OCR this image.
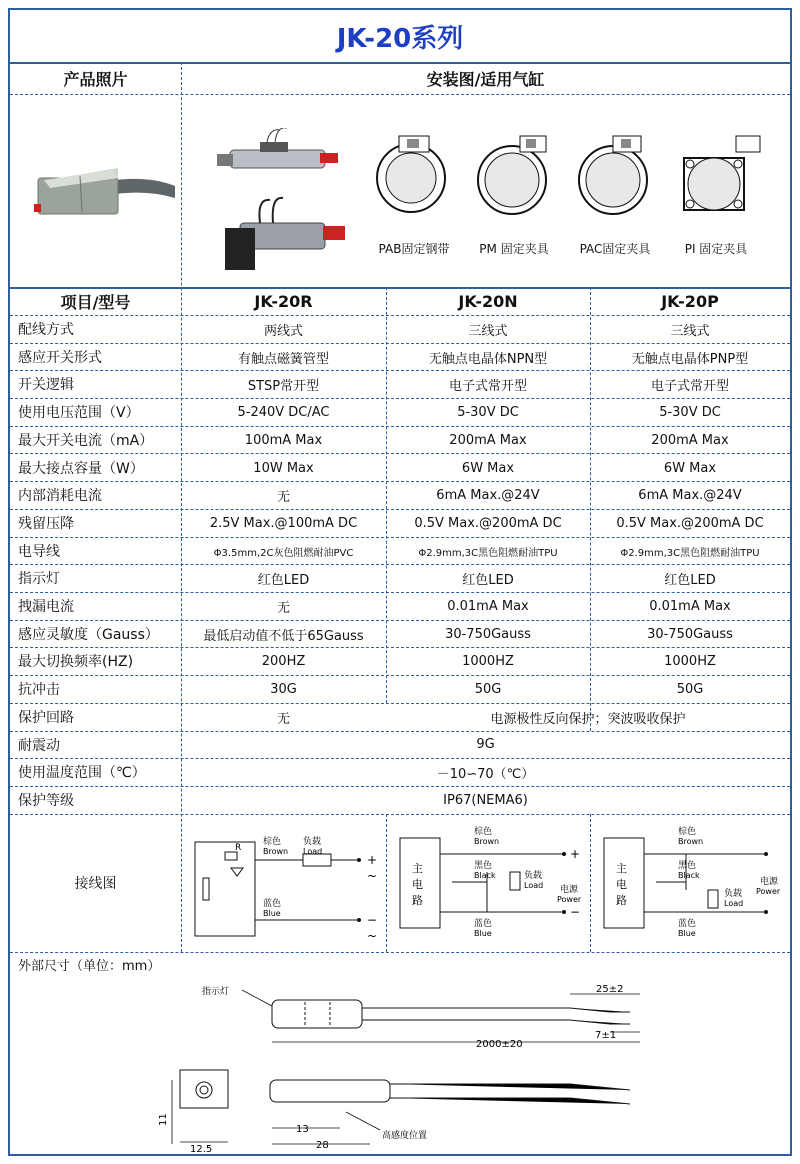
JK-20系列
产品照片	安装图/适用气缸
PAB固定钢带	PM 固定夹具	PAC固定夹具	PI 固定夹具
项目/型号	JK-20R	JK-20N	JK-20P
配线方式	两线式	三线式	三线式
感应开关形式	有触点磁簧管型	无触点电晶体NPN型	无触点电晶体PNP型
开关逻辑	STSP常开型	电子式常开型	电子式常开型
使用电压范围（V）	5-240V DC/AC	5-30V DC	5-30V DC
最大开关电流（mA）	100mA Max	200mA Max	200mA Max
最大接点容量（W）	10W Max	6W Max	6W Max
内部消耗电流	无	6mA Max.@24V	6mA Max.@24V
残留压降	2.5V Max.@100mA DC	0.5V Max.@200mA DC	0.5V Max.@200mA DC
电导线	Φ3.5mm,2C灰色阻燃耐油PVC	Φ2.9mm,3C黑色阻燃耐油TPU	Φ2.9mm,3C黑色阻燃耐油TPU
指示灯	红色LED	红色LED	红色LED
拽漏电流	无	0.01mA Max	0.01mA Max
感应灵敏度（Gauss）	最低启动值不低于65Gauss	30-750Gauss	30-750Gauss
最大切换频率(HZ)	200HZ	1000HZ	1000HZ
抗冲击	30G	50G	50G
保护回路	无	电源极性反向保护；突波吸收保护
耐震动	9G
使用温度范围（℃）	－10∽70（℃）
保护等级	IP67(NEMA6)
接线图
R
棕色
Brown
负载
Load
蓝色
Blue
+
~
−
~
主
电
路
棕色
Brown
黑色
Black	负载
Load
蓝色
Blue
电源
Power
+
−
主
电
路
棕色
Brown
黑色
Black
负载
Load
蓝色
Blue
电源
Power
外部尺寸（单位：mm）
指示灯	25±2
2000±20
7±1
11
12.5
13
28
高感度位置
